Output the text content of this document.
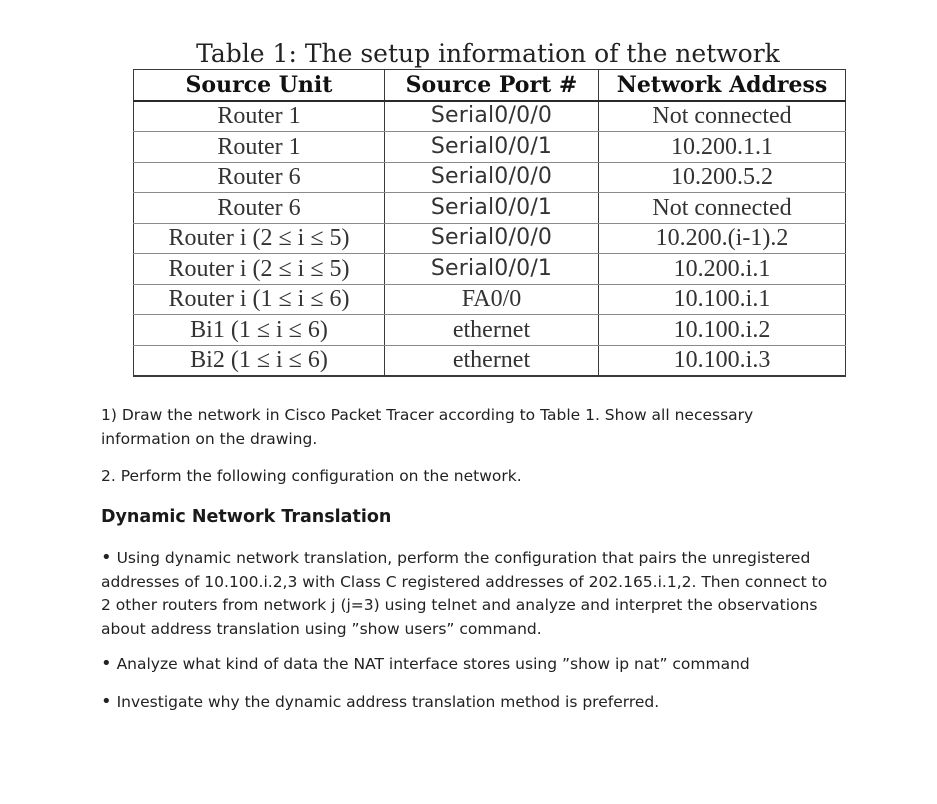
Table 1: The setup information of the network
Source Unit	Source Port #	Network Address
Router 1	Serial0/0/0	Not connected
Router 1	Serial0/0/1	10.200.1.1
Router 6	Serial0/0/0	10.200.5.2
Router 6	Serial0/0/1	Not connected
Router i (2 ≤ i ≤ 5)	Serial0/0/0	10.200.(i-1).2
Router i (2 ≤ i ≤ 5)	Serial0/0/1	10.200.i.1
Router i (1 ≤ i ≤ 6)	FA0/0	10.100.i.1
Bi1 (1 ≤ i ≤ 6)	ethernet	10.100.i.2
Bi2 (1 ≤ i ≤ 6)	ethernet	10.100.i.3

1) Draw the network in Cisco Packet Tracer according to Table 1. Show all necessary information on the drawing.

2. Perform the following configuration on the network.

Dynamic Network Translation

• Using dynamic network translation, perform the configuration that pairs the unregistered addresses of 10.100.i.2,3 with Class C registered addresses of 202.165.i.1,2. Then connect to 2 other routers from network j (j=3) using telnet and analyze and interpret the observations about address translation using ”show users” command.

• Analyze what kind of data the NAT interface stores using ”show ip nat” command

• Investigate why the dynamic address translation method is preferred.
